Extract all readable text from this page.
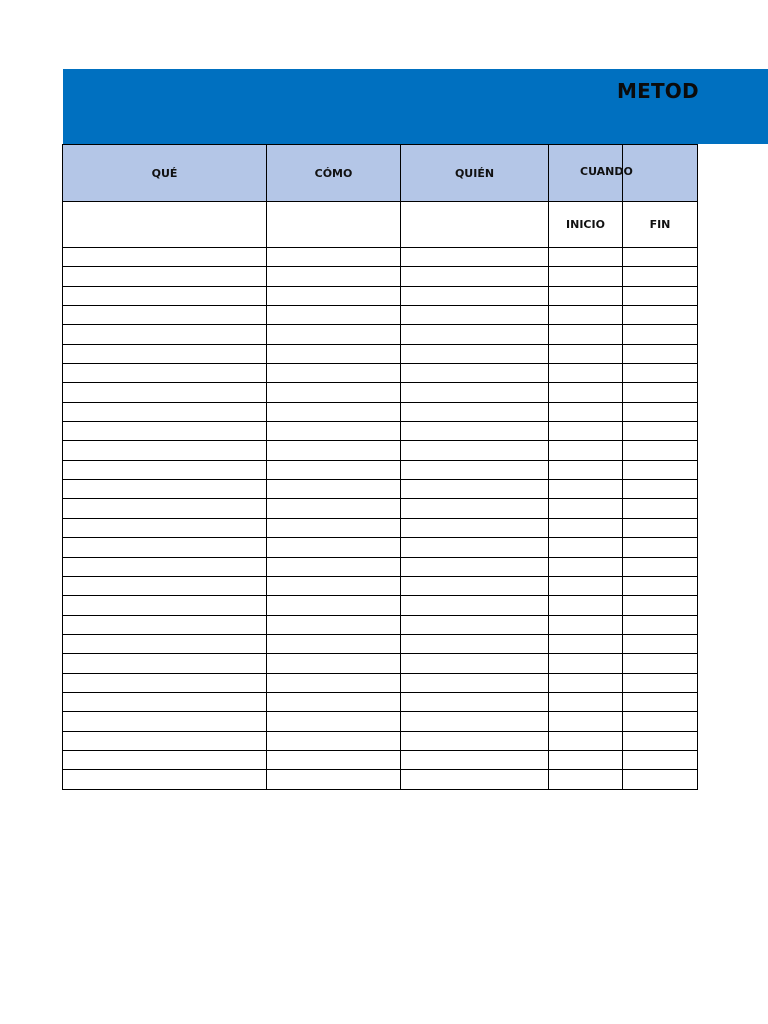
METOD
QUÉ	CÓMO	QUIÉN	CUANDO	

			INICIO	FIN
